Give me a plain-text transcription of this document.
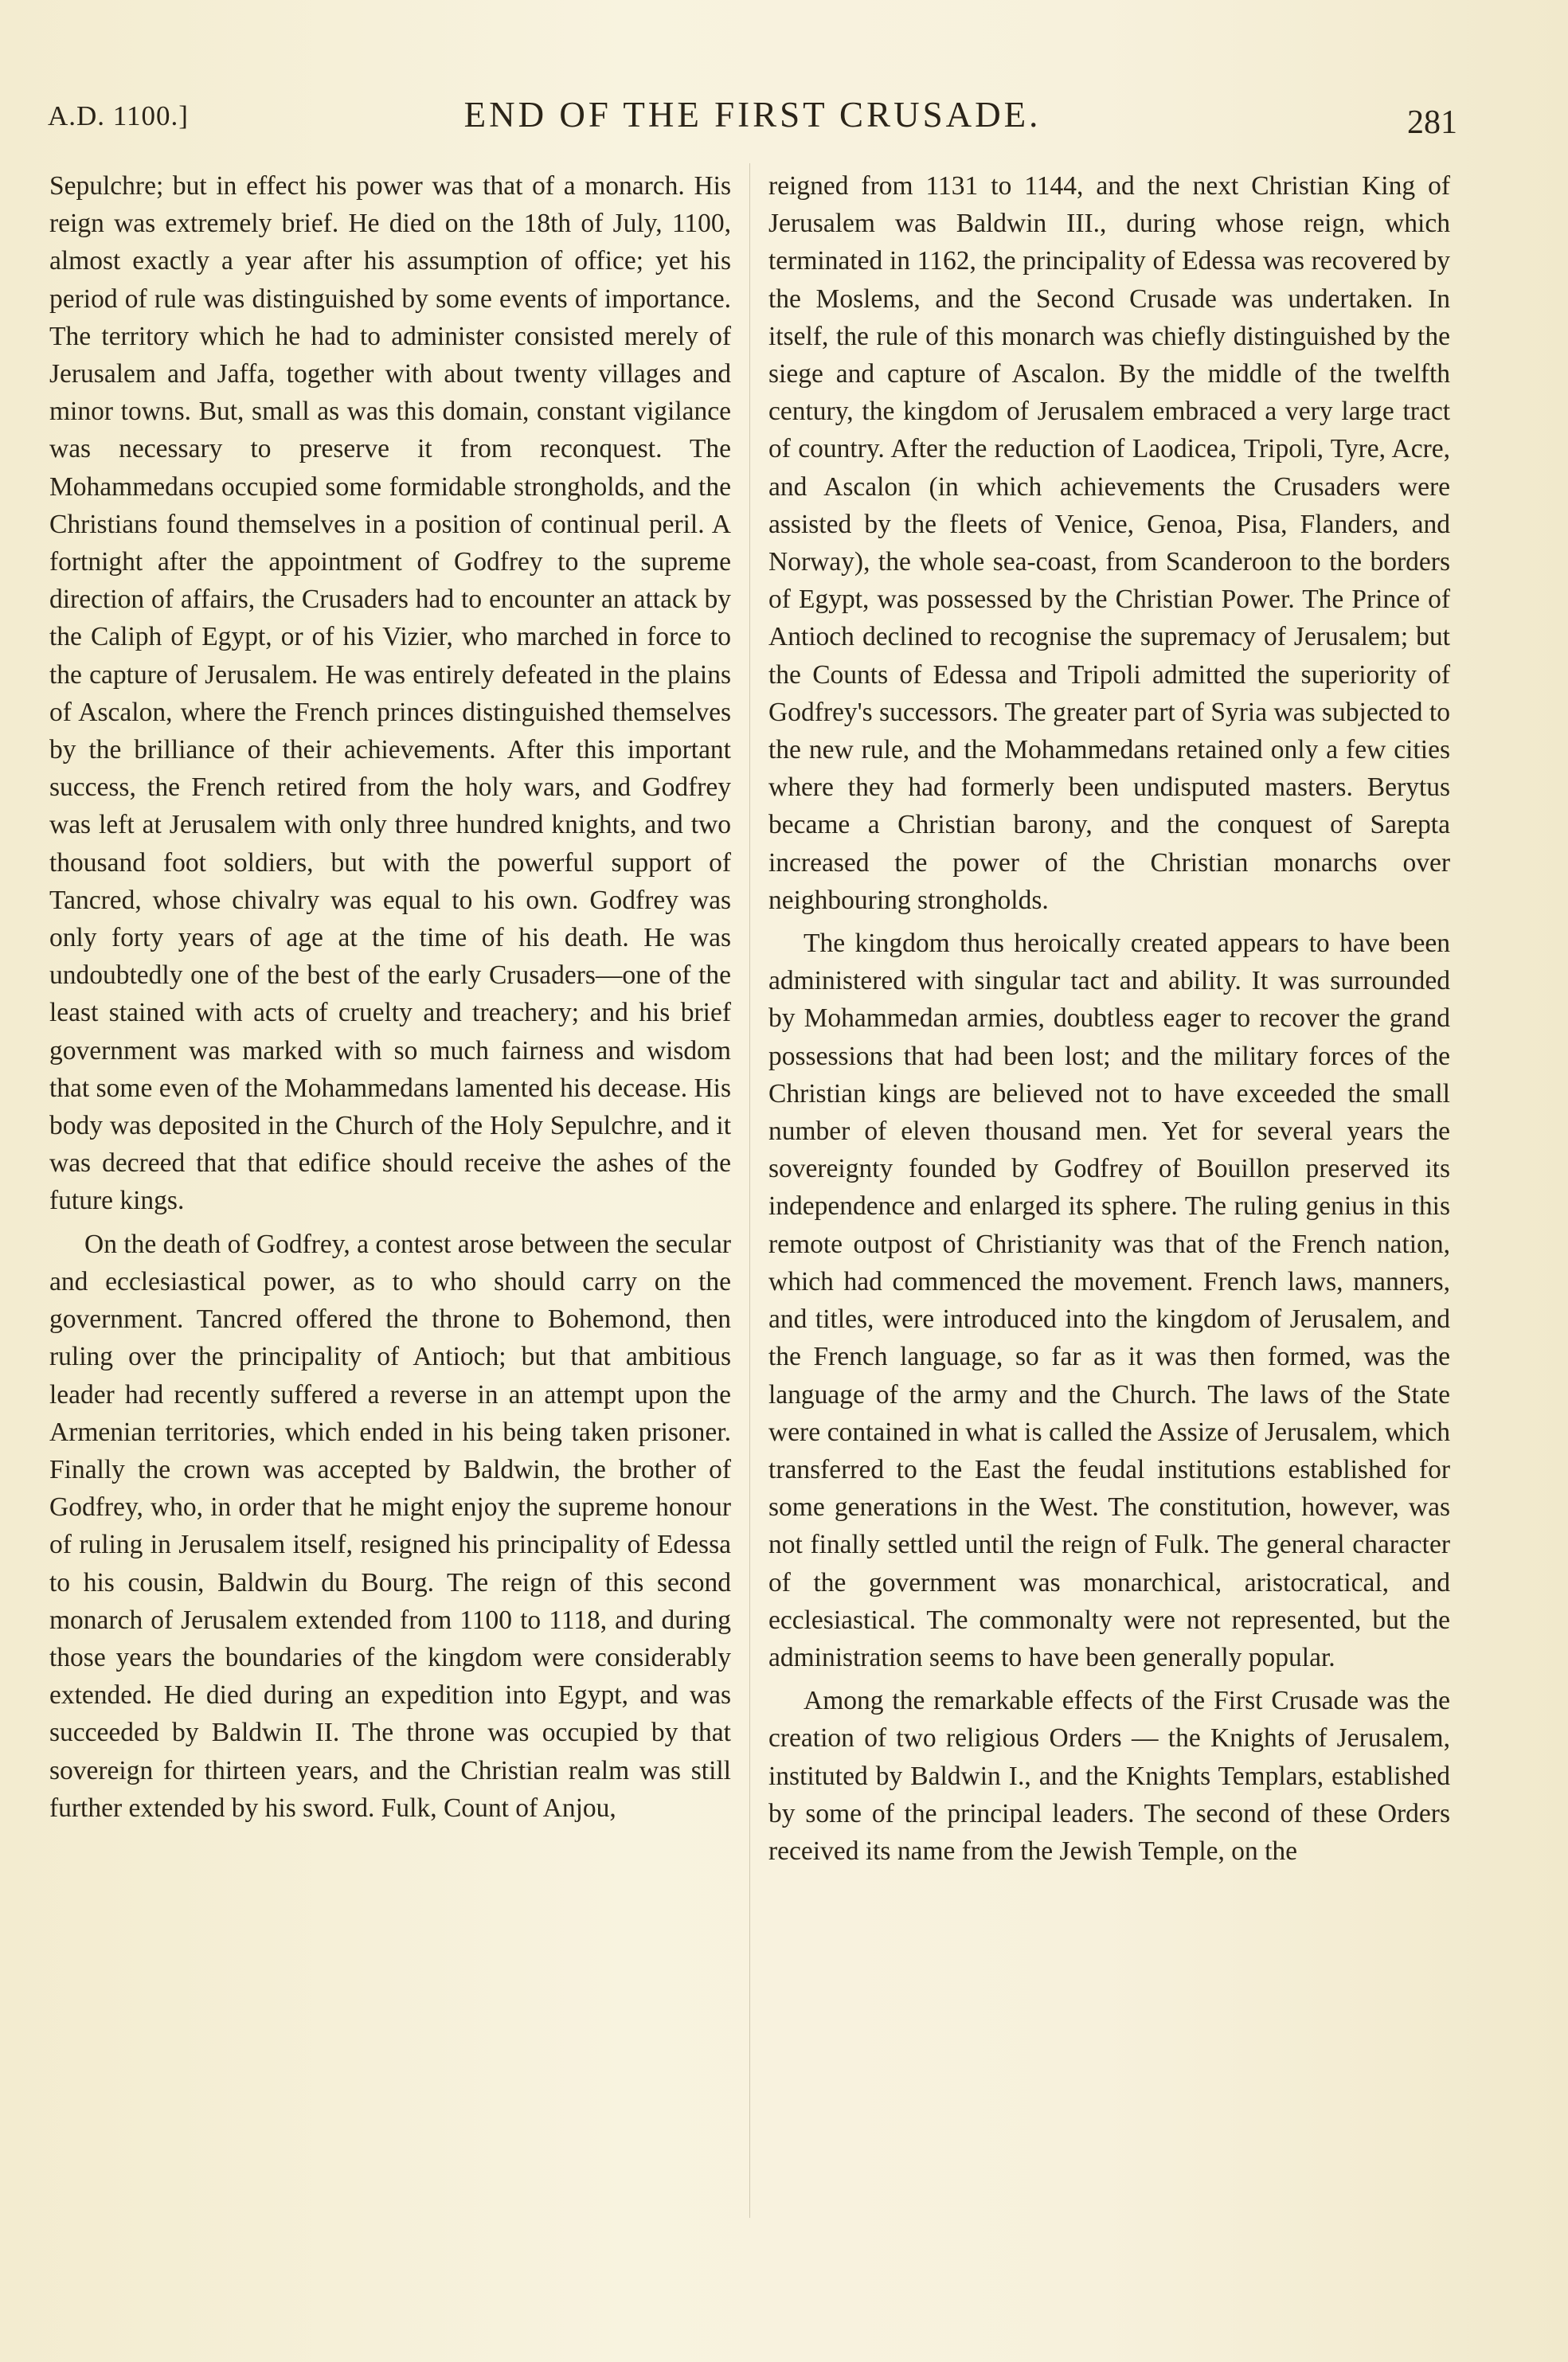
A.D. 1100.]	END OF THE FIRST CRUSADE.	281

Sepulchre; but in effect his power was that of a monarch. His reign was extremely brief. He died on the 18th of July, 1100, almost exactly a year after his assumption of office; yet his period of rule was distinguished by some events of importance. The territory which he had to administer consisted merely of Jerusalem and Jaffa, together with about twenty villages and minor towns. But, small as was this domain, constant vigilance was necessary to preserve it from reconquest. The Mohammedans occupied some formidable strongholds, and the Christians found themselves in a position of continual peril. A fortnight after the appointment of Godfrey to the supreme direction of affairs, the Crusaders had to encounter an attack by the Caliph of Egypt, or of his Vizier, who marched in force to the capture of Jerusalem. He was entirely defeated in the plains of Ascalon, where the French princes distinguished themselves by the brilliance of their achievements. After this important success, the French retired from the holy wars, and Godfrey was left at Jerusalem with only three hundred knights, and two thousand foot soldiers, but with the powerful support of Tancred, whose chivalry was equal to his own. Godfrey was only forty years of age at the time of his death. He was undoubtedly one of the best of the early Crusaders—one of the least stained with acts of cruelty and treachery; and his brief government was marked with so much fairness and wisdom that some even of the Mohammedans lamented his decease. His body was deposited in the Church of the Holy Sepulchre, and it was decreed that that edifice should receive the ashes of the future kings.

On the death of Godfrey, a contest arose between the secular and ecclesiastical power, as to who should carry on the government. Tancred offered the throne to Bohemond, then ruling over the principality of Antioch; but that ambitious leader had recently suffered a reverse in an attempt upon the Armenian territories, which ended in his being taken prisoner. Finally the crown was accepted by Baldwin, the brother of Godfrey, who, in order that he might enjoy the supreme honour of ruling in Jerusalem itself, resigned his principality of Edessa to his cousin, Baldwin du Bourg. The reign of this second monarch of Jerusalem extended from 1100 to 1118, and during those years the boundaries of the kingdom were considerably extended. He died during an expedition into Egypt, and was succeeded by Baldwin II. The throne was occupied by that sovereign for thirteen years, and the Christian realm was still further extended by his sword. Fulk, Count of Anjou,

reigned from 1131 to 1144, and the next Christian King of Jerusalem was Baldwin III., during whose reign, which terminated in 1162, the principality of Edessa was recovered by the Moslems, and the Second Crusade was undertaken. In itself, the rule of this monarch was chiefly distinguished by the siege and capture of Ascalon. By the middle of the twelfth century, the kingdom of Jerusalem embraced a very large tract of country. After the reduction of Laodicea, Tripoli, Tyre, Acre, and Ascalon (in which achievements the Crusaders were assisted by the fleets of Venice, Genoa, Pisa, Flanders, and Norway), the whole sea-coast, from Scanderoon to the borders of Egypt, was possessed by the Christian Power. The Prince of Antioch declined to recognise the supremacy of Jerusalem; but the Counts of Edessa and Tripoli admitted the superiority of Godfrey's successors. The greater part of Syria was subjected to the new rule, and the Mohammedans retained only a few cities where they had formerly been undisputed masters. Berytus became a Christian barony, and the conquest of Sarepta increased the power of the Christian monarchs over neighbouring strongholds.

The kingdom thus heroically created appears to have been administered with singular tact and ability. It was surrounded by Mohammedan armies, doubtless eager to recover the grand possessions that had been lost; and the military forces of the Christian kings are believed not to have exceeded the small number of eleven thousand men. Yet for several years the sovereignty founded by Godfrey of Bouillon preserved its independence and enlarged its sphere. The ruling genius in this remote outpost of Christianity was that of the French nation, which had commenced the movement. French laws, manners, and titles, were introduced into the kingdom of Jerusalem, and the French language, so far as it was then formed, was the language of the army and the Church. The laws of the State were contained in what is called the Assize of Jerusalem, which transferred to the East the feudal institutions established for some generations in the West. The constitution, however, was not finally settled until the reign of Fulk. The general character of the government was monarchical, aristocratical, and ecclesiastical. The commonalty were not represented, but the administration seems to have been generally popular.

Among the remarkable effects of the First Crusade was the creation of two religious Orders — the Knights of Jerusalem, instituted by Baldwin I., and the Knights Templars, established by some of the principal leaders. The second of these Orders received its name from the Jewish Temple, on the
